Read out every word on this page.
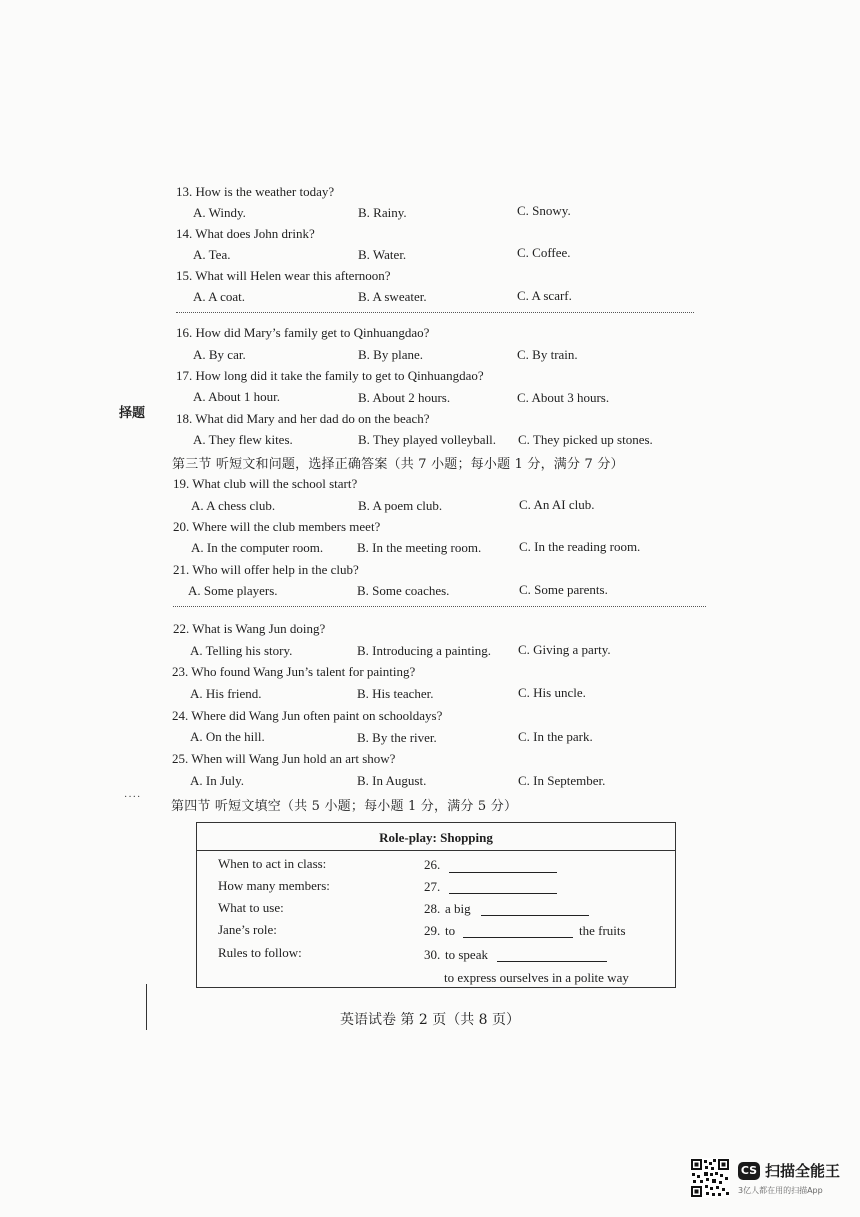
择题
13. How is the weather today?
A. Windy.	B. Rainy.	C. Snowy.
14. What does John drink?
A. Tea.	B. Water.	C. Coffee.
15. What will Helen wear this afternoon?
A. A coat.	B. A sweater.	C. A scarf.
16. How did Mary’s family get to Qinhuangdao?
A. By car.	B. By plane.	C. By train.
17. How long did it take the family to get to Qinhuangdao?
A. About 1 hour.	B. About 2 hours.	C. About 3 hours.
18. What did Mary and her dad do on the beach?
A. They flew kites.	B. They played volleyball. C. They picked up stones.
第三节 听短文和问题，选择正确答案（共 7 小题；每小题 1 分，满分 7 分）
19. What club will the school start?
A. A chess club.	B. A poem club.	C. An AI club.
20. Where will the club members meet?
A. In the computer room.	B. In the meeting room.	C. In the reading room.
21. Who will offer help in the club?
A. Some players.	B. Some coaches.	C. Some parents.
22. What is Wang Jun doing?
A. Telling his story.	B. Introducing a painting. C. Giving a party.
23. Who found Wang Jun’s talent for painting?
A. His friend.	B. His teacher.	C. His uncle.
24. Where did Wang Jun often paint on schooldays?
A. On the hill.	B. By the river.	C. In the park.
25. When will Wang Jun hold an art show?
A. In July.	B. In August.	C. In September.
····
第四节 听短文填空（共 5 小题；每小题 1 分，满分 5 分）
Role-play: Shopping
When to act in class:	26.
How many members:	27.
What to use:	28. a big
Jane’s role:	29. to	the fruits
Rules to follow:	30. to speak
to express ourselves in a polite way
英语试卷 第 2 页（共 8 页）
CS 扫描全能王
3亿人都在用的扫描App
